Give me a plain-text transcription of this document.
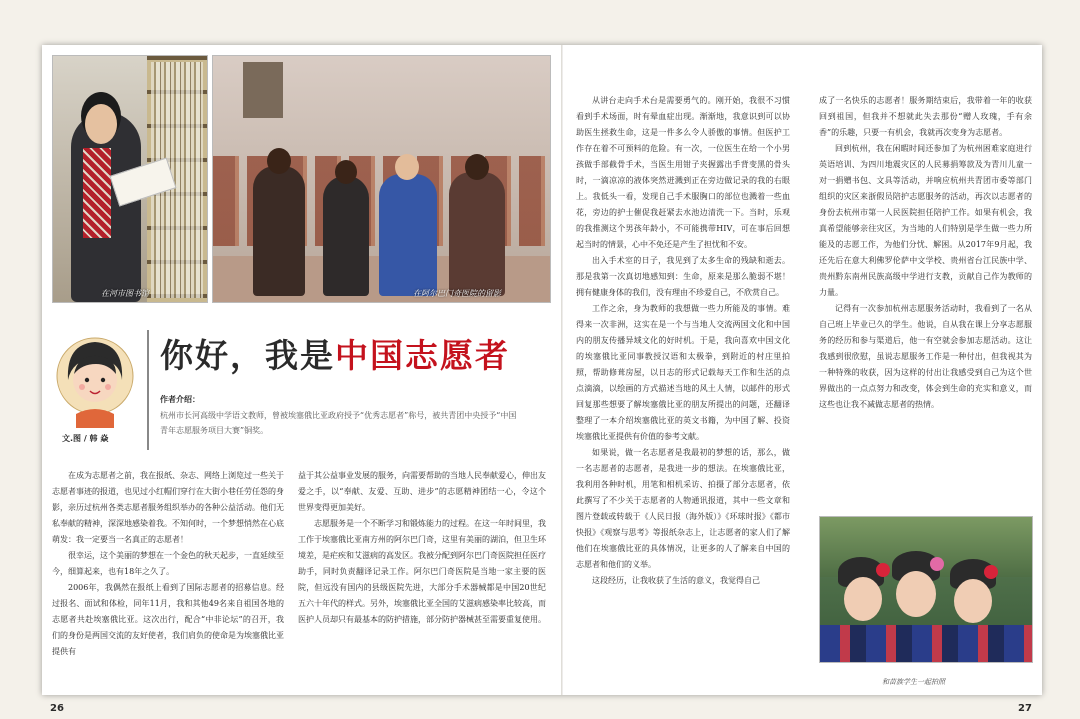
在河市图书馆	在阿尔巴门奇医院的留影
文.图 / 韩 焱
你好，我是中国志愿者
作者介绍：
杭州市长河高级中学语文教师，曾被埃塞俄比亚政府授予“优秀志愿者”称号，被共青团中央授予“中国青年志愿服务项目大赛”铜奖。

在成为志愿者之前，我在报纸、杂志、网络上浏览过一些关于志愿者事迹的报道，也见过小红帽们穿行在大街小巷任劳任怨的身影，亲历过杭州各类志愿者服务组织举办的各种公益活动。他们无私奉献的精神，深深地感染着我。不知何时，一个梦想悄然在心底萌发：我一定要当一名真正的志愿者！

很幸运，这个美丽的梦想在一个金色的秋天起步，一直延续至今，细算起来，也有18年之久了。

2006年，我偶然在报纸上看到了国际志愿者的招募信息。经过报名、面试和体检，同年11月，我和其他49名来自祖国各地的志愿者共赴埃塞俄比亚。这次出行，配合“中非论坛”的召开，我们的身份是两国交流的友好使者，我们肩负的使命是为埃塞俄比亚提供有

益于其公益事业发展的服务，向需要帮助的当地人民奉献爱心，伸出友爱之手，以“奉献、友爱、互助、进步”的志愿精神团结一心，令这个世界变得更加美好。

志愿服务是一个不断学习和锻炼能力的过程。在这一年时间里，我工作于埃塞俄比亚南方州的阿尔巴门奇，这里有美丽的湖泊，但卫生环境差，是疟疾和艾滋病的高发区。我被分配到阿尔巴门奇医院担任医疗助手，同时负责翻译记录工作。阿尔巴门奇医院是当地一家主要的医院，但远没有国内的县级医院先进，大部分手术器械都是中国20世纪五六十年代的样式。另外，埃塞俄比亚全国的艾滋病感染率比较高，而医护人员却只有最基本的防护措施，部分防护器械甚至需要重复使用。

从讲台走向手术台是需要勇气的。刚开始，我很不习惯看到手术场面，时有晕血症出现。渐渐地，我意识到可以协助医生拯救生命，这是一件多么令人骄傲的事情。但医护工作存在着不可预料的危险。有一次，一位医生在给一个小男孩做手部截骨手术，当医生用钳子夹握露出手背变黑的骨头时，一滴凉凉的液体突然迸溅到正在旁边做记录的我的右眼上。我低头一看，发现自己手术服胸口的部位也溅着一些血花，旁边的护士催促我赶紧去水池边清洗一下。当时，乐观的我推测这个男孩年龄小，不可能携带HIV，可在事后回想起当时的情景，心中不免还是产生了担忧和不安。

出入手术室的日子，我见到了太多生命的残缺和逝去。那是我第一次真切地感知到：生命，原来是那么脆弱不堪！拥有健康身体的我们，没有理由不珍爱自己，不欣赏自己。

工作之余，身为教师的我想做一些力所能及的事情。难得来一次非洲，这实在是一个与当地人交流两国文化和中国内的朋友传播异域文化的好时机。于是，我向喜欢中国文化的埃塞俄比亚同事教授汉语和太极拳，到附近的村庄里拍照，帮助修葺房屋，以日志的形式记载每天工作和生活的点点滴滴，以绘画的方式描述当地的风土人情，以邮件的形式回复那些想要了解埃塞俄比亚的朋友所提出的问题，还翻译整理了一本介绍埃塞俄比亚的英文书籍，为中国了解、投资埃塞俄比亚提供有价值的参考文献。

如果说，做一名志愿者是我最初的梦想的话，那么，做一名志愿者的志愿者，是我进一步的想法。在埃塞俄比亚，我利用各种时机，用笔和相机采访、拍摄了部分志愿者，依此撰写了不少关于志愿者的人物通讯报道，其中一些文章和图片登载或转载于《人民日报（海外版）》《环球时报》《都市快报》《观察与思考》等报纸杂志上，让志愿者的家人们了解他们在埃塞俄比亚的具体情况，让更多的人了解来自中国的志愿者和他们的义举。

这段经历，让我收获了生活的意义，我觉得自己

成了一名快乐的志愿者！服务期结束后，我带着一年的收获回到祖国，但我并不想就此失去那份“赠人玫瑰，手有余香”的乐趣，只要一有机会，我就再次变身为志愿者。

回到杭州，我在闲暇时间还参加了为杭州困难家庭进行英语培训、为四川地震灾区的人民募捐筹款及为青川儿童一对一捐赠书包、文具等活动，并响应杭州共青团市委等部门组织的灾区来浙假员陪护志愿服务的活动，再次以志愿者的身份去杭州市第一人民医院担任陪护工作。如果有机会，我真希望能够亲往灾区，为当地的人们特别是学生做一些力所能及的志愿工作，为他们分忧、解困。从2017年9月起，我还先后在意大利佛罗伦萨中文学校、贵州省台江民族中学、贵州黔东南州民族高级中学进行支教，贡献自己作为教师的力量。

记得有一次参加杭州志愿服务活动时，我看到了一名从自己班上毕业已久的学生。他说，自从我在课上分享志愿服务的经历和参与渠道后，他一有空就会参加志愿活动。这让我感到很欣慰，虽说志愿服务工作是一种付出，但我视其为一种特殊的收获，因为这样的付出让我感受到自己为这个世界做出的一点点努力和改变，体会到生命的充实和意义，而这些也让我不减做志愿者的热情。

和苗族学生一起拍照
26	27
